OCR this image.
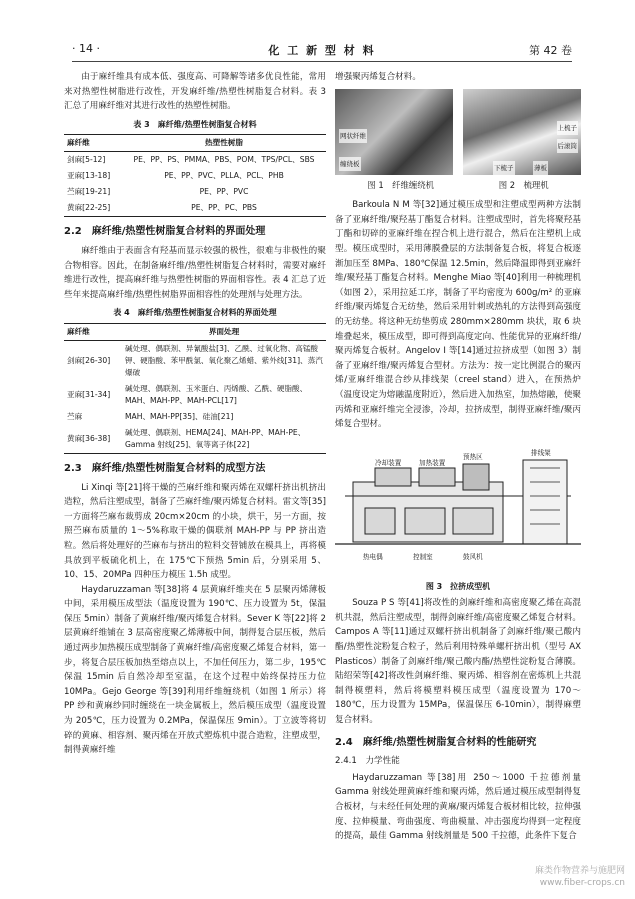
· 14 ·	化 工 新 型 材 料	第 42 卷

由于麻纤维具有成本低、强度高、可降解等诸多优良性能，常用来对热塑性树脂进行改性，开发麻纤维/热塑性树脂复合材料。表 3 汇总了用麻纤维对其进行改性的热塑性树脂。

表 3　麻纤维/热塑性树脂复合材料
麻纤维	热塑性树脂
剑麻[5-12]	PE、PP、PS、PMMA、PBS、POM、TPS/PCL、SBS
亚麻[13-18]	PE、PP、PVC、PLLA、PCL、PHB
苎麻[19-21]	PE、PP、PVC
黄麻[22-25]	PE、PP、PC、PBS
2.2　麻纤维/热塑性树脂复合材料的界面处理

麻纤维由于表面含有羟基而显示较强的极性，很难与非极性的聚合物相容。因此，在制备麻纤维/热塑性树脂复合材料时，需要对麻纤维进行改性，提高麻纤维与热塑性树脂的界面相容性。表 4 汇总了近些年来提高麻纤维/热塑性树脂界面相容性的处理剂与处理方法。

表 4　麻纤维/热塑性树脂复合材料的界面处理
麻纤维	界面处理
剑麻[26-30]	碱处理、偶联剂、异氰酸盐[3]、乙酰、过氧化物、高锰酸钾、硬脂酸、苯甲酰氯、氧化聚乙烯蜡、紫外线[31]、蒸汽爆破
亚麻[31-34]	碱处理、偶联剂、玉米蛋白、丙烯酸、乙酰、硬脂酸、MAH、MAH-PP、MAH-PCL[17]
苎麻	MAH、MAH-PP[35]、硅油[21]
黄麻[36-38]	碱处理、偶联剂、HEMA[24]、MAH-PP、MAH-PE、Gamma 射线[25]、氧等离子体[22]
2.3　麻纤维/热塑性树脂复合材料的成型方法

Li Xinqi 等[21]将干燥的苎麻纤维和聚丙烯在双螺杆挤出机挤出造粒，然后注塑成型，制备了苎麻纤维/聚丙烯复合材料。雷文等[35]一方面将苎麻布裁剪成 20cm×20cm 的小块，烘干，另一方面，按照苎麻布质量的 1～5%称取干燥的偶联剂 MAH-PP 与 PP 挤出造粒。然后将处理好的苎麻布与挤出的粒料交替铺放在模具上，再将模具放到平板硫化机上，在 175℃下预热 5min 后，分别采用 5、10、15、20MPa 四种压力模压 1.5h 成型。

Haydaruzzaman 等[38]将 4 层黄麻纤维夹在 5 层聚丙烯薄板中间，采用模压成型法（温度设置为 190℃、压力设置为 5t，保温保压 5min）制备了黄麻纤维/聚丙烯复合材料。Sever K 等[22]将 2 层黄麻纤维铺在 3 层高密度聚乙烯薄板中间，制得复合层压板，然后通过两步加热模压成型制备了黄麻纤维/高密度聚乙烯复合材料，第一步，将复合层压板加热至熔点以上，不加任何压力，第二步，195℃保温 15min 后自然冷却至室温，在这个过程中始终保持压力位 10MPa。Gejo George 等[39]利用纤维缠绕机（如图 1 所示）将 PP 纱和黄麻纱同时缠绕在一块金属板上，然后模压成型（温度设置为 205℃，压力设置为 0.2MPa，保温保压 9min）。丁立波等将切碎的黄麻、相容剂、聚丙烯在开放式塑炼机中混合造粒，注塑成型，制得黄麻纤维

增强聚丙烯复合材料。

网状纤维
缠绕板
上梳子
后滚筒
下梳子	薄板
图 1　纤维缠绕机	图 2　梳理机

Barkoula N M 等[32]通过模压成型和注塑成型两种方法制备了亚麻纤维/聚羟基丁酯复合材料。注塑成型时，首先将聚羟基丁酯和切碎的亚麻纤维在捏合机上进行混合，然后在注塑机上成型。模压成型时，采用薄膜叠层的方法制备复合板，将复合板逐渐加压至 8MPa、180℃保温 12.5min，然后降温即得到亚麻纤维/聚羟基丁酯复合材料。Menghe Miao 等[40]利用一种梳理机（如图 2），采用拉延工序，制备了平均密度为 600g/m² 的亚麻纤维/聚丙烯复合无纺垫，然后采用针刺或热轧的方法得到高强度的无纺垫。将这种无纺垫剪成 280mm×280mm 块状，取 6 块堆叠起来，模压成型，即可得到高度定向、性能优异的亚麻纤维/聚丙烯复合板材。Angelov I 等[14]通过拉挤成型（如图 3）制备了亚麻纤维/聚丙烯复合型材。方法为：按一定比例混合的聚丙烯/亚麻纤维混合纱从排线架（creel stand）进入，在预热炉（温度设定为熔融温度附近），然后进入加热室，加热熔融，使聚丙烯和亚麻纤维完全浸渗，冷却，拉挤成型，制得亚麻纤维/聚丙烯复合型材。

冷却装置	加热装置
预热区	排线架
热电偶	控制室	鼓风机
图 3　拉挤成型机

Souza P S 等[41]将改性的剑麻纤维和高密度聚乙烯在高混机共混，然后注塑成型，制得剑麻纤维/高密度聚乙烯复合材料。Campos A 等[11]通过双螺杆挤出机制备了剑麻纤维/聚己酸内酯/热塑性淀粉复合粒子，然后利用特殊单螺杆挤出机（型号 AX Plasticos）制备了剑麻纤维/聚己酸内酯/热塑性淀粉复合薄膜。陆绍荣等[42]将改性剑麻纤维、聚丙烯、相容剂在密炼机上共混制得模塑料，然后将模塑料模压成型（温度设置为 170～180℃，压力设置为 15MPa，保温保压 6-10min），制得麻塑复合材料。

2.4　麻纤维/热塑性树脂复合材料的性能研究
2.4.1　力学性能

Haydaruzzaman 等[38]用 250～1000 千拉德剂量 Gamma 射线处理黄麻纤维和聚丙烯，然后通过模压成型制得复合板材，与未经任何处理的黄麻/聚丙烯复合板材相比较，拉伸强度、拉伸模量、弯曲强度、弯曲模量、冲击强度均得到一定程度的提高，最佳 Gamma 射线剂量是 500 千拉德，此条件下复合

麻类作物营养与施肥网
www.fiber-crops.cn
